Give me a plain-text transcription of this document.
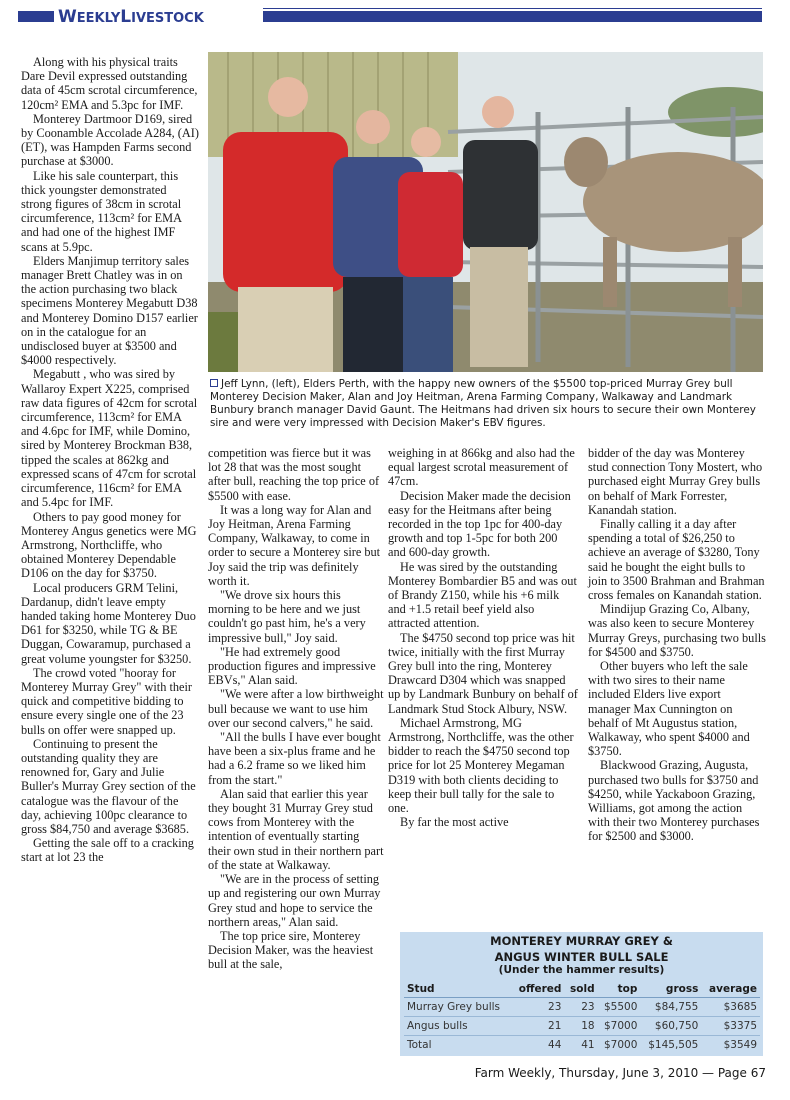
WEEKLYLIVESTOCK

Along with his physical traits Dare Devil expressed outstanding data of 45cm scrotal circumference, 120cm² EMA and 5.3pc for IMF.

Monterey Dartmoor D169, sired by Coonamble Accolade A284, (AI) (ET), was Hampden Farms second purchase at $3000.

Like his sale counterpart, this thick youngster demonstrated strong figures of 38cm in scrotal circumference, 113cm² for EMA and had one of the highest IMF scans at 5.9pc.

Elders Manjimup territory sales manager Brett Chatley was in on the action purchasing two black specimens Monterey Megabutt D38 and Monterey Domino D157 earlier on in the catalogue for an undisclosed buyer at $3500 and $4000 respectively.

Megabutt , who was sired by Wallaroy Expert X225, comprised raw data figures of 42cm for scrotal circumference, 113cm² for EMA and 4.6pc for IMF, while Domino, sired by Monterey Brockman B38, tipped the scales at 862kg and expressed scans of 47cm for scrotal circumference, 116cm² for EMA and 5.4pc for IMF.

Others to pay good money for Monterey Angus genetics were MG Armstrong, Northcliffe, who obtained Monterey Dependable D106 on the day for $3750.

Local producers GRM Telini, Dardanup, didn't leave empty handed taking home Monterey Duo D61 for $3250, while TG & BE Duggan, Cowaramup, purchased a great volume youngster for $3250.

The crowd voted "hooray for Monterey Murray Grey" with their quick and competitive bidding to ensure every single one of the 23 bulls on offer were snapped up.

Continuing to present the outstanding quality they are renowned for, Gary and Julie Buller's Murray Grey section of the catalogue was the flavour of the day, achieving 100pc clearance to gross $84,750 and average $3685.

Getting the sale off to a cracking start at lot 23 the

Jeff Lynn, (left), Elders Perth, with the happy new owners of the $5500 top-priced Murray Grey bull Monterey Decision Maker, Alan and Joy Heitman, Arena Farming Company, Walkaway and Landmark Bunbury branch manager David Gaunt. The Heitmans had driven six hours to secure their own Monterey sire and were very impressed with Decision Maker's EBV figures.

competition was fierce but it was lot 28 that was the most sought after bull, reaching the top price of $5500 with ease.

It was a long way for Alan and Joy Heitman, Arena Farming Company, Walkaway, to come in order to secure a Monterey sire but Joy said the trip was definitely worth it.

"We drove six hours this morning to be here and we just couldn't go past him, he's a very impressive bull," Joy said.

"He had extremely good production figures and impressive EBVs," Alan said.

"We were after a low birthweight bull because we want to use him over our second calvers," he said.

"All the bulls I have ever bought have been a six-plus frame and he had a 6.2 frame so we liked him from the start."

Alan said that earlier this year they bought 31 Murray Grey stud cows from Monterey with the intention of eventually starting their own stud in their northern part of the state at Walkaway.

"We are in the process of setting up and registering our own Murray Grey stud and hope to service the northern areas," Alan said.

The top price sire, Monterey Decision Maker, was the heaviest bull at the sale,

weighing in at 866kg and also had the equal largest scrotal measurement of 47cm.

Decision Maker made the decision easy for the Heitmans after being recorded in the top 1pc for 400-day growth and top 1-5pc for both 200 and 600-day growth.

He was sired by the outstanding Monterey Bombardier B5 and was out of Brandy Z150, while his +6 milk and +1.5 retail beef yield also attracted attention.

The $4750 second top price was hit twice, initially with the first Murray Grey bull into the ring, Monterey Drawcard D304 which was snapped up by Landmark Bunbury on behalf of Landmark Stud Stock Albury, NSW.

Michael Armstrong, MG Armstrong, Northcliffe, was the other bidder to reach the $4750 second top price for lot 25 Monterey Megaman D319 with both clients deciding to keep their bull tally for the sale to one.

By far the most active

bidder of the day was Monterey stud connection Tony Mostert, who purchased eight Murray Grey bulls on behalf of Mark Forrester, Kanandah station.

Finally calling it a day after spending a total of $26,250 to achieve an average of $3280, Tony said he bought the eight bulls to join to 3500 Brahman and Brahman cross females on Kanandah station.

Mindijup Grazing Co, Albany, was also keen to secure Monterey Murray Greys, purchasing two bulls for $4500 and $3750.

Other buyers who left the sale with two sires to their name included Elders live export manager Max Cunnington on behalf of Mt Augustus station, Walkaway, who spent $4000 and $3750.

Blackwood Grazing, Augusta, purchased two bulls for $3750 and $4250, while Yackaboon Grazing, Williams, got among the action with their two Monterey purchases for $2500 and $3000.

MONTEREY MURRAY GREY &
ANGUS WINTER BULL SALE
(Under the hammer results)
Stud	offered	sold	top	gross	average
Murray Grey bulls	23	23	$5500	$84,755	$3685
Angus bulls	21	18	$7000	$60,750	$3375
Total	44	41	$7000	$145,505	$3549
Farm Weekly, Thursday, June 3, 2010 — Page 67
